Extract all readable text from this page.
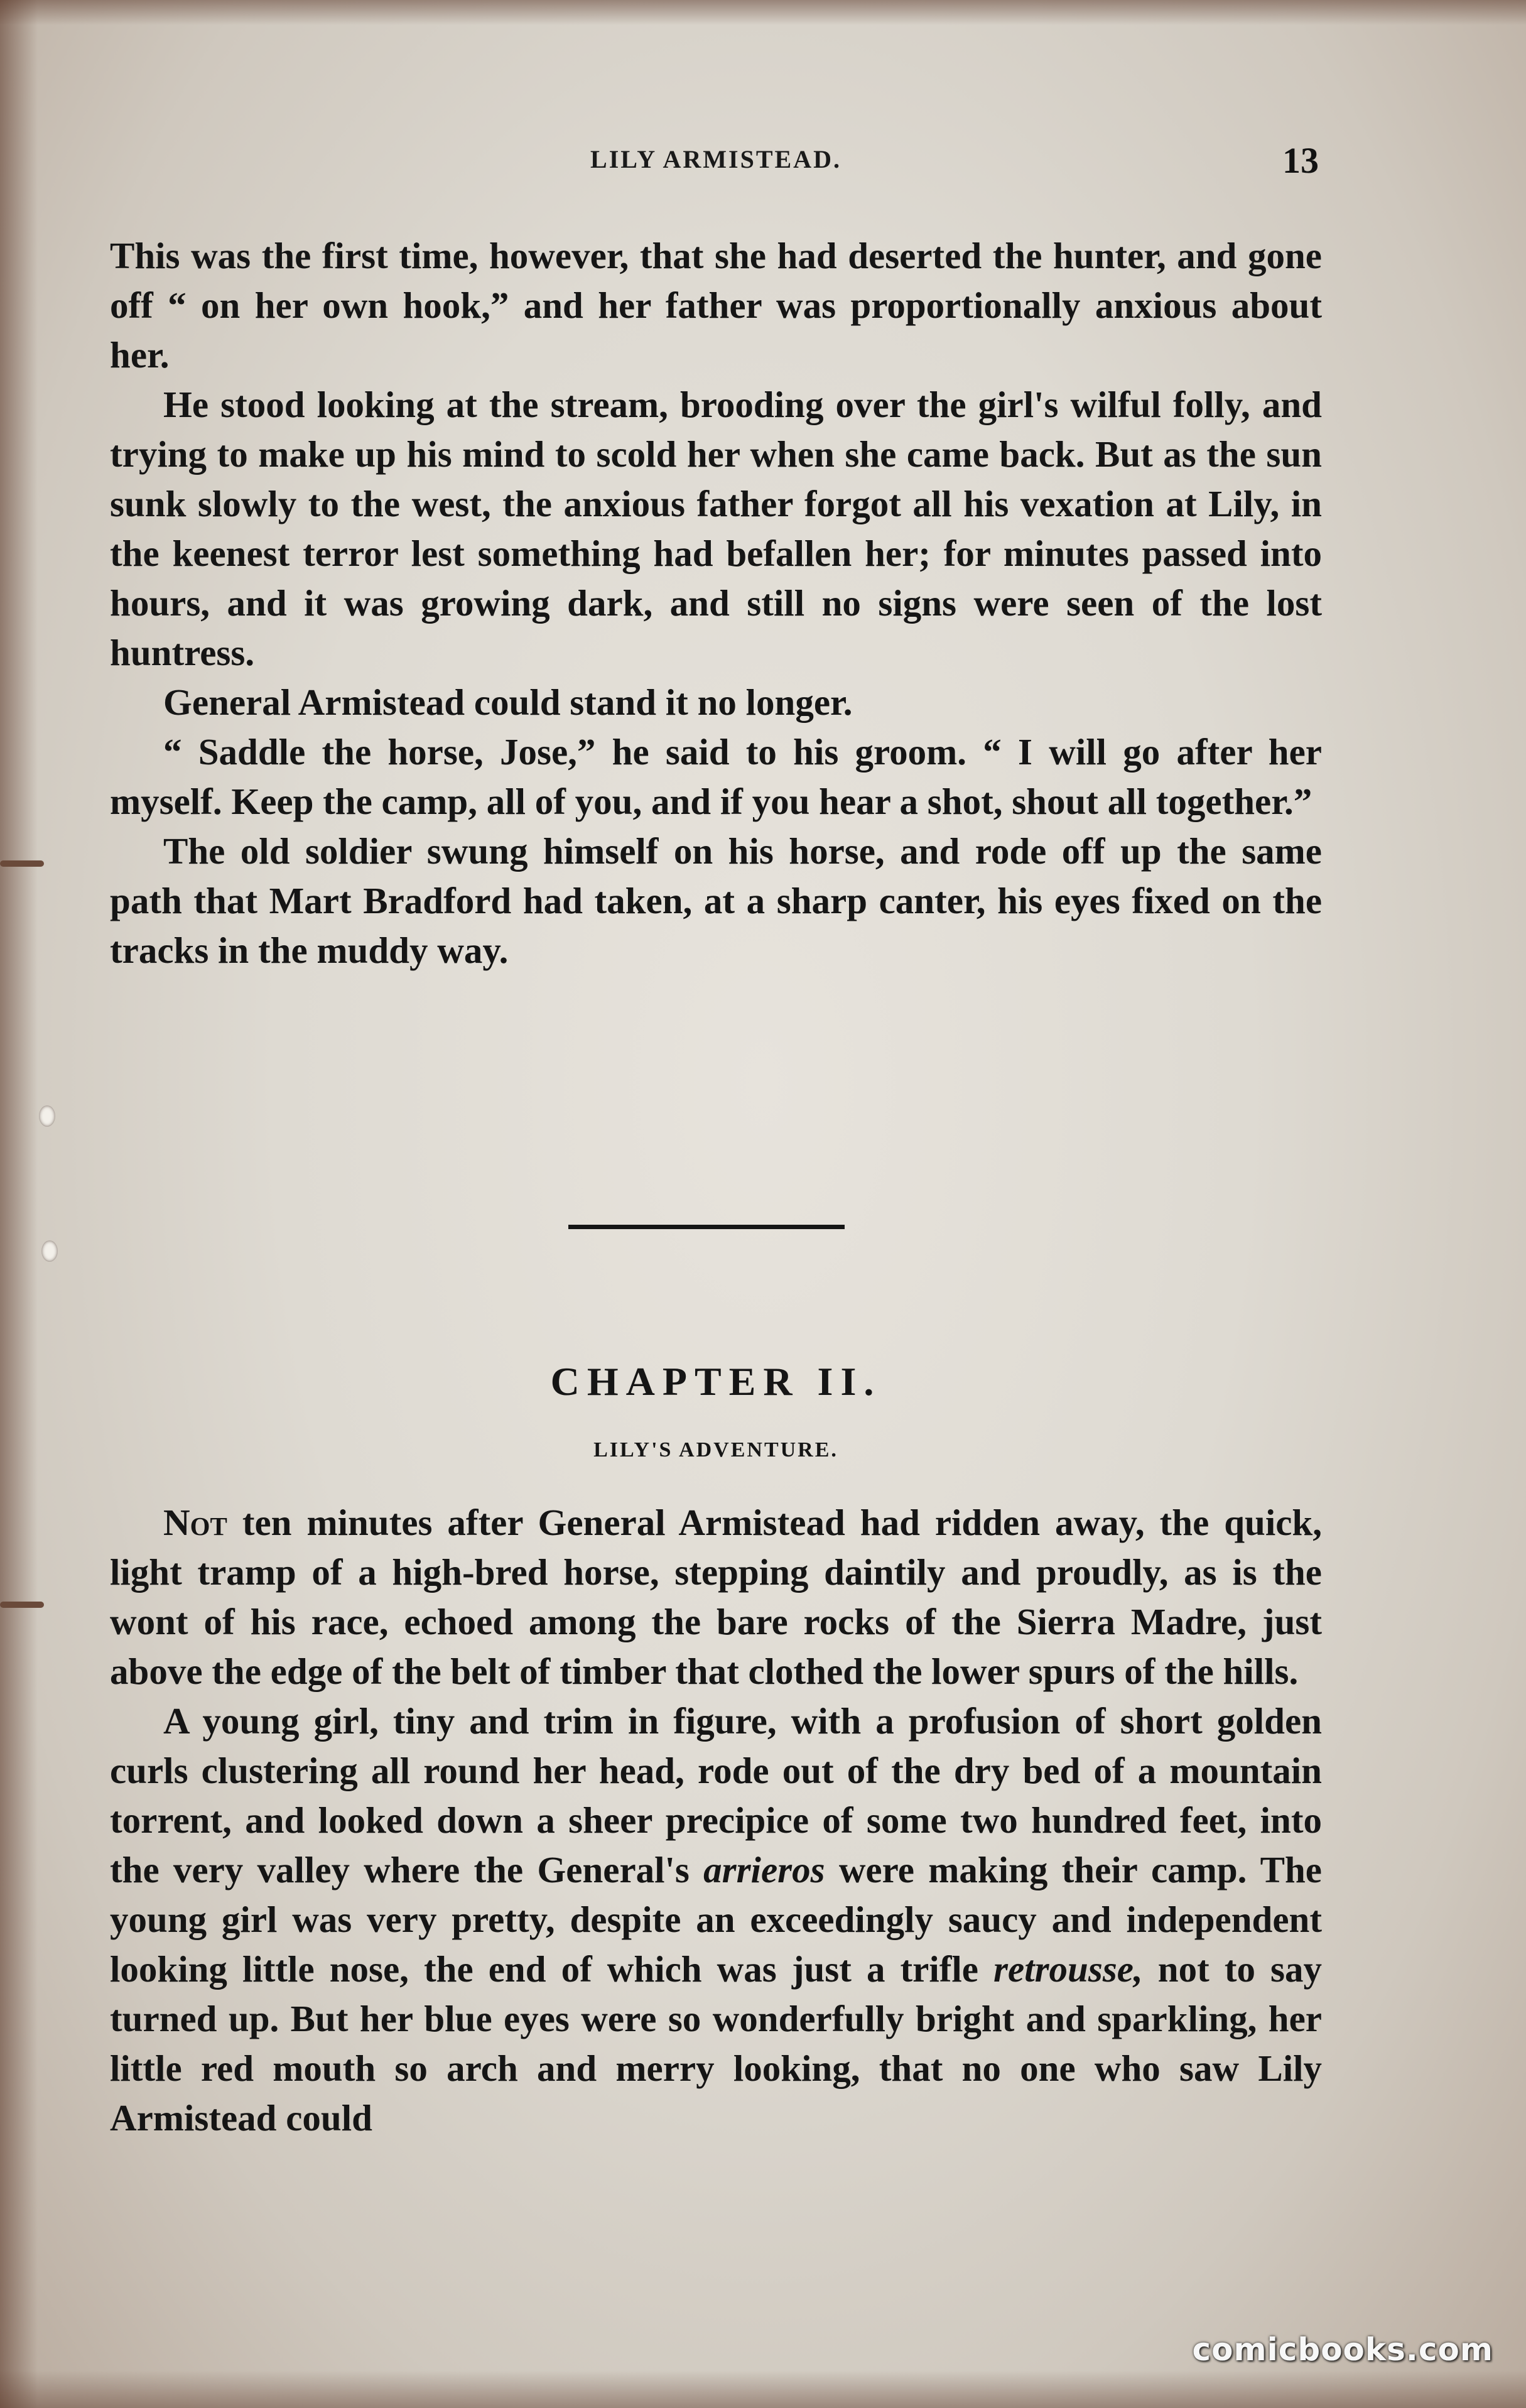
LILY ARMISTEAD.	13

This was the first time, however, that she had deserted the hunter, and gone off “ on her own hook,” and her father was proportionally anxious about her.

He stood looking at the stream, brooding over the girl's wilful folly, and trying to make up his mind to scold her when she came back. But as the sun sunk slowly to the west, the anxious father forgot all his vexation at Lily, in the keenest terror lest something had befallen her; for minutes passed into hours, and it was growing dark, and still no signs were seen of the lost huntress.

General Armistead could stand it no longer.

“ Saddle the horse, Jose,” he said to his groom. “ I will go after her myself. Keep the camp, all of you, and if you hear a shot, shout all together.”

The old soldier swung himself on his horse, and rode off up the same path that Mart Bradford had taken, at a sharp canter, his eyes fixed on the tracks in the muddy way.

CHAPTER II.
LILY'S ADVENTURE.

Not ten minutes after General Armistead had ridden away, the quick, light tramp of a high-bred horse, stepping daintily and proudly, as is the wont of his race, echoed among the bare rocks of the Sierra Madre, just above the edge of the belt of timber that clothed the lower spurs of the hills.

A young girl, tiny and trim in figure, with a profusion of short golden curls clustering all round her head, rode out of the dry bed of a mountain torrent, and looked down a sheer precipice of some two hundred feet, into the very valley where the General's arrieros were making their camp. The young girl was very pretty, despite an exceedingly saucy and independent looking little nose, the end of which was just a trifle retrousse, not to say turned up. But her blue eyes were so wonderfully bright and sparkling, her little red mouth so arch and merry looking, that no one who saw Lily Armistead could

comicbooks.com
